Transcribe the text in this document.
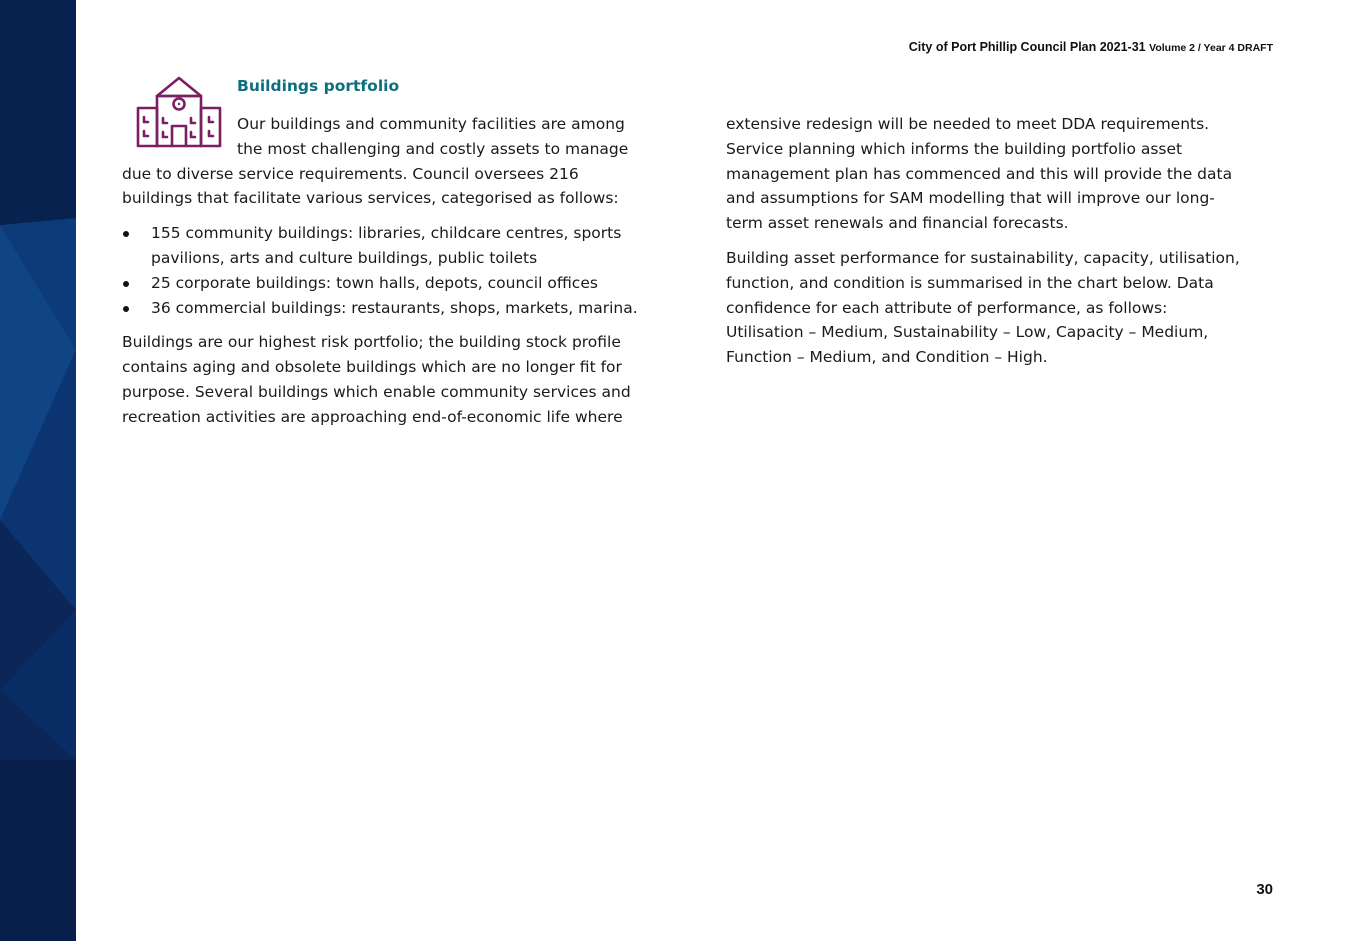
City of Port Phillip Council Plan 2021-31 Volume 2 / Year 4 DRAFT
Buildings portfolio

Our buildings and community facilities are among
the most challenging and costly assets to manage
due to diverse service requirements. Council oversees 216
buildings that facilitate various services, categorised as follows:

155 community buildings: libraries, childcare centres, sports
pavilions, arts and culture buildings, public toilets
25 corporate buildings: town halls, depots, council offices
36 commercial buildings: restaurants, shops, markets, marina.

Buildings are our highest risk portfolio; the building stock profile
contains aging and obsolete buildings which are no longer fit for
purpose. Several buildings which enable community services and
recreation activities are approaching end-of-economic life where

extensive redesign will be needed to meet DDA requirements.
Service planning which informs the building portfolio asset
management plan has commenced and this will provide the data
and assumptions for SAM modelling that will improve our long-
term asset renewals and financial forecasts.

Building asset performance for sustainability, capacity, utilisation,
function, and condition is summarised in the chart below. Data
confidence for each attribute of performance, as follows:
Utilisation – Medium, Sustainability – Low, Capacity – Medium,
Function – Medium, and Condition – High.

30
